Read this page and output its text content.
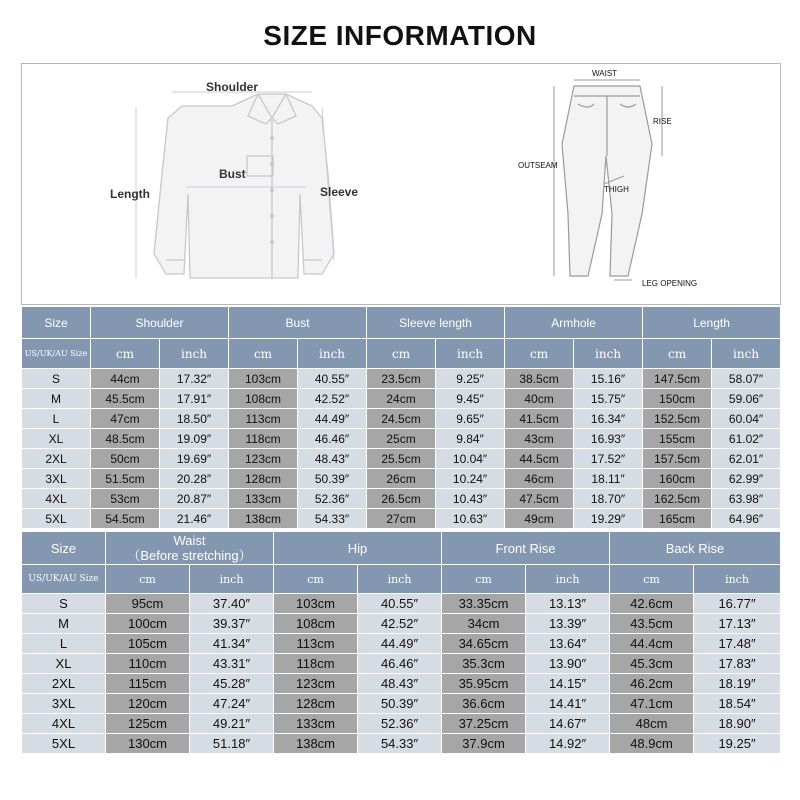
SIZE INFORMATION
Shoulder
Bust
Length	Sleeve
WAIST
RISE
OUTSEAM
THIGH
LEG OPENING
Size	Shoulder		Bust		Sleeve length		Armhole		Length	
US/UK/AU Size	cm	inch	cm	inch	cm	inch	cm	inch	cm	inch
S	44cm	17.32″	103cm	40.55″	23.5cm	9.25″	38.5cm	15.16″	147.5cm	58.07″
M	45.5cm	17.91″	108cm	42.52″	24cm	9.45″	40cm	15.75″	150cm	59.06″
L	47cm	18.50″	113cm	44.49″	24.5cm	9.65″	41.5cm	16.34″	152.5cm	60.04″
XL	48.5cm	19.09″	118cm	46.46″	25cm	9.84″	43cm	16.93″	155cm	61.02″
2XL	50cm	19.69″	123cm	48.43″	25.5cm	10.04″	44.5cm	17.52″	157.5cm	62.01″
3XL	51.5cm	20.28″	128cm	50.39″	26cm	10.24″	46cm	18.11″	160cm	62.99″
4XL	53cm	20.87″	133cm	52.36″	26.5cm	10.43″	47.5cm	18.70″	162.5cm	63.98″
5XL	54.5cm	21.46″	138cm	54.33″	27cm	10.63″	49cm	19.29″	165cm	64.96″
Size	Waist
（Before stretching）		Hip		Front Rise		Back Rise	
US/UK/AU Size	cm	inch	cm	inch	cm	inch	cm	inch
S	95cm	37.40″	103cm	40.55″	33.35cm	13.13″	42.6cm	16.77″
M	100cm	39.37″	108cm	42.52″	34cm	13.39″	43.5cm	17.13″
L	105cm	41.34″	113cm	44.49″	34.65cm	13.64″	44.4cm	17.48″
XL	110cm	43.31″	118cm	46.46″	35.3cm	13.90″	45.3cm	17.83″
2XL	115cm	45.28″	123cm	48.43″	35.95cm	14.15″	46.2cm	18.19″
3XL	120cm	47.24″	128cm	50.39″	36.6cm	14.41″	47.1cm	18.54″
4XL	125cm	49.21″	133cm	52.36″	37.25cm	14.67″	48cm	18.90″
5XL	130cm	51.18″	138cm	54.33″	37.9cm	14.92″	48.9cm	19.25″
